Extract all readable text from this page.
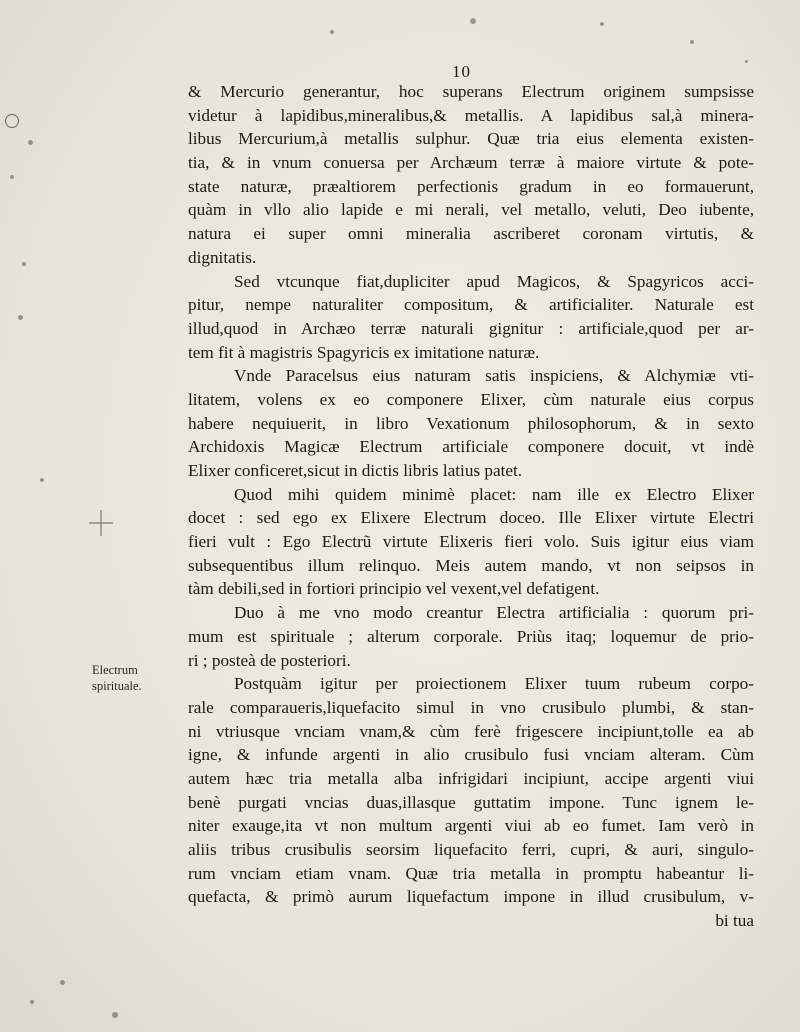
10
Electrum
spirituale.
& Mercurio generantur, hoc superans Electrum originem sumpsisse
videtur à lapidibus,mineralibus,& metallis. A lapidibus sal,à minera-
libus Mercurium,à metallis sulphur. Quæ tria eius elementa existen-
tia, & in vnum conuersa per Archæum terræ à maiore virtute & pote-
state naturæ, præaltiorem perfectionis gradum in eo formauerunt,
quàm in vllo alio lapide e mi nerali, vel metallo, veluti, Deo iubente,
natura ei super omni mineralia ascriberet coronam virtutis, &
dignitatis.
Sed vtcunque fiat,dupliciter apud Magicos, & Spagyricos acci-
pitur, nempe naturaliter compositum, & artificialiter. Naturale est
illud,quod in Archæo terræ naturali gignitur : artificiale,quod per ar-
tem fit à magistris Spagyricis ex imitatione naturæ.
Vnde Paracelsus eius naturam satis inspiciens, & Alchymiæ vti-
litatem, volens ex eo componere Elixer, cùm naturale eius corpus
habere nequiuerit, in libro Vexationum philosophorum, & in sexto
Archidoxis Magicæ Electrum artificiale componere docuit, vt indè
Elixer conficeret,sicut in dictis libris latius patet.
Quod mihi quidem minimè placet: nam ille ex Electro Elixer
docet : sed ego ex Elixere Electrum doceo. Ille Elixer virtute Electri
fieri vult : Ego Electrũ virtute Elixeris fieri volo. Suis igitur eius viam
subsequentibus illum relinquo. Meis autem mando, vt non seipsos in
tàm debili,sed in fortiori principio vel vexent,vel defatigent.
Duo à me vno modo creantur Electra artificialia : quorum pri-
mum est spirituale ; alterum corporale. Priùs itaq; loquemur de prio-
ri ; posteà de posteriori.
Postquàm igitur per proiectionem Elixer tuum rubeum corpo-
rale comparaueris,liquefacito simul in vno crusibulo plumbi, & stan-
ni vtriusque vnciam vnam,& cùm ferè frigescere incipiunt,tolle ea ab
igne, & infunde argenti in alio crusibulo fusi vnciam alteram. Cùm
autem hæc tria metalla alba infrigidari incipiunt, accipe argenti viui
benè purgati vncias duas,illasque guttatim impone. Tunc ignem le-
niter exauge,ita vt non multum argenti viui ab eo fumet. Iam verò in
aliis tribus crusibulis seorsim liquefacito ferri, cupri, & auri, singulo-
rum vnciam etiam vnam. Quæ tria metalla in promptu habeantur li-
quefacta, & primò aurum liquefactum impone in illud crusibulum, v-
bi tua
